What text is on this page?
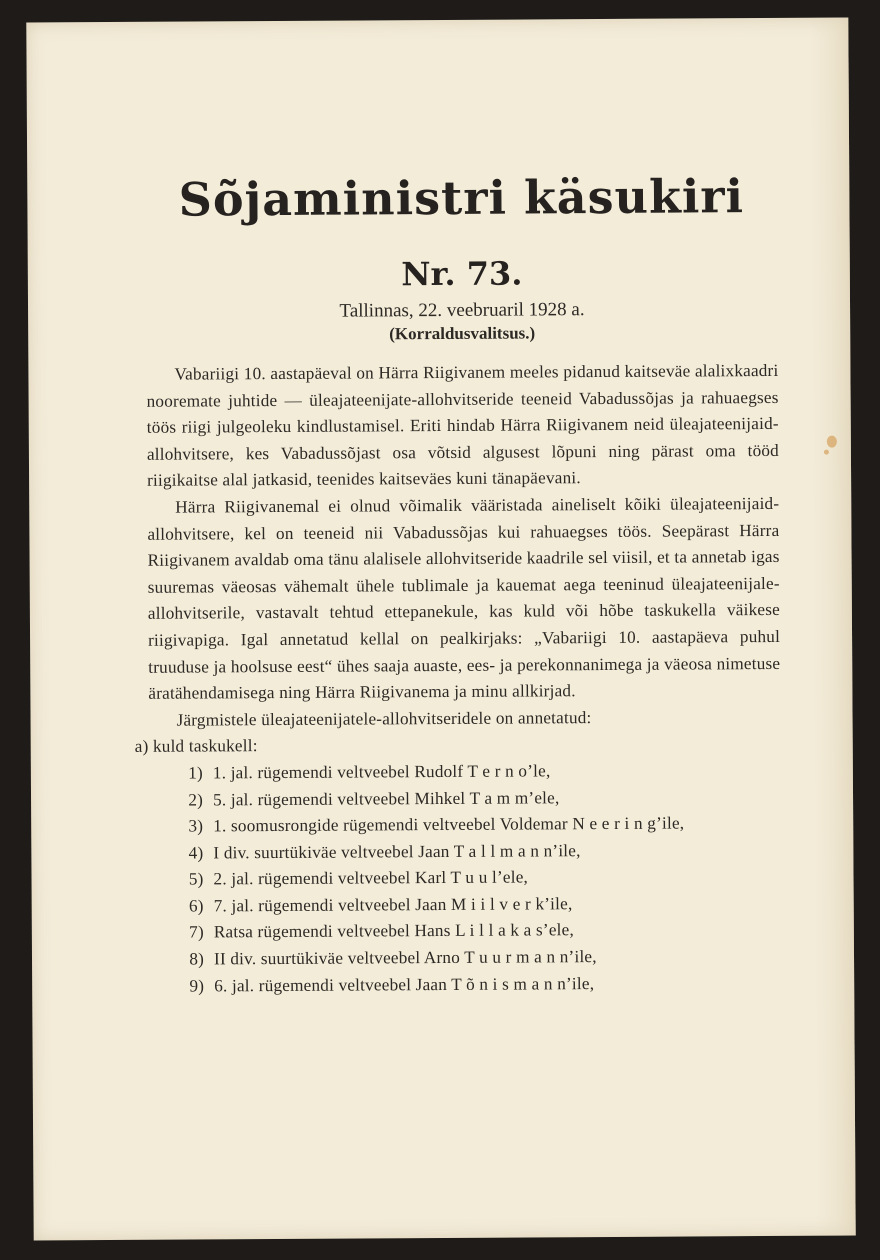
Sõjaministri käsukiri
Nr. 73.
Tallinnas, 22. veebruaril 1928 a.
(Korraldusvalitsus.)

Vabariigi 10. aastapäeval on Härra Riigivanem meeles pidanud kaitseväe alalixkaadri nooremate juhtide — üleajateenijate-allohvitseride teeneid Vabadussõjas ja rahuaegses töös riigi julgeoleku kindlustamisel. Eriti hindab Härra Riigivanem neid üleajateenijaid-allohvitsere, kes Vabadussõjast osa võtsid algusest lõpuni ning pärast oma tööd riigikaitse alal jatkasid, teenides kaitseväes kuni tänapäevani.

Härra Riigivanemal ei olnud võimalik vääristada aineliselt kõiki üleajateenijaid-allohvitsere, kel on teeneid nii Vabadussõjas kui rahuaegses töös. Seepärast Härra Riigivanem avaldab oma tänu alalisele allohvitseride kaadrile sel viisil, et ta annetab igas suuremas väeosas vähemalt ühele tublimale ja kauemat aega teeninud üleajateenijale-allohvitserile, vastavalt tehtud ettepanekule, kas kuld või hõbe taskukella väikese riigivapiga. Igal annetatud kellal on pealkirjaks: „Vabariigi 10. aastapäeva puhul truuduse ja hoolsuse eest“ ühes saaja auaste, ees- ja perekonnanimega ja väeosa nimetuse äratähendamisega ning Härra Riigivanema ja minu allkirjad.

Järgmistele üleajateenijatele-allohvitseridele on annetatud:

a) kuld taskukell:

1) 1. jal. rügemendi veltveebel Rudolf T e r n o’le,
2) 5. jal. rügemendi veltveebel Mihkel T a m m’ele,
3) 1. soomusrongide rügemendi veltveebel Voldemar N e e r i n g’ile,
4) I div. suurtükiväe veltveebel Jaan T a l l m a n n’ile,
5) 2. jal. rügemendi veltveebel Karl T u u l’ele,
6) 7. jal. rügemendi veltveebel Jaan M i i l v e r k’ile,
7) Ratsa rügemendi veltveebel Hans L i l l a k a s’ele,
8) II div. suurtükiväe veltveebel Arno T u u r m a n n’ile,
9) 6. jal. rügemendi veltveebel Jaan T õ n i s m a n n’ile,
